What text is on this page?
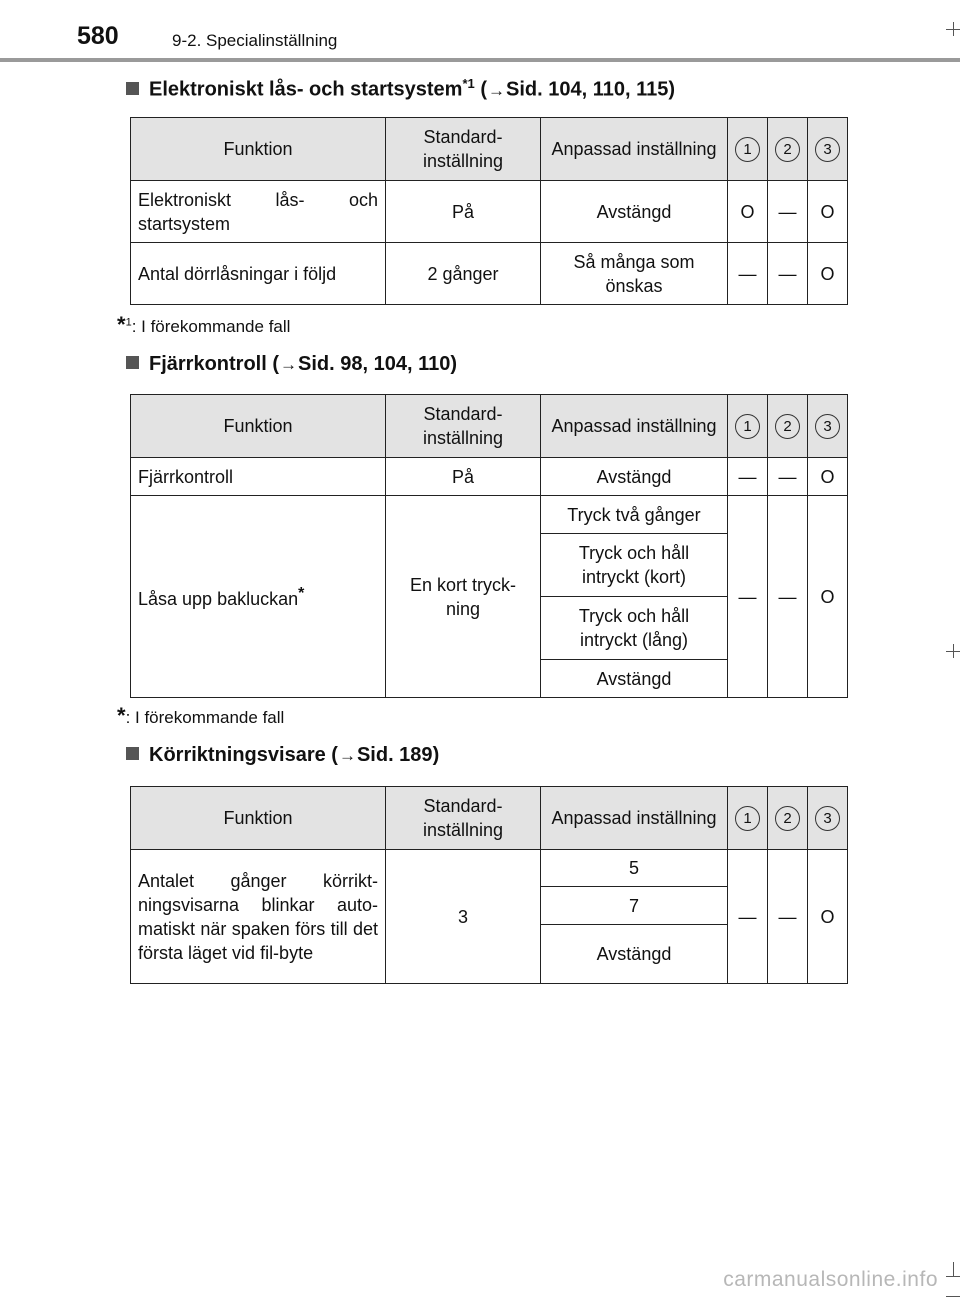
580	9-2. Specialinställning
Elektroniskt lås- och startsystem$^{*1}$ (→Sid. 104, 110, 115)
Funktion	Standard-inställning	Anpassad inställning	1	2	3
Elektroniskt lås- och startsystem	På	Avstängd	O	—	O
Antal dörrlåsningar i följd	2 gånger	Så många som önskas	—	—	O
*$^1$: I förekommande fall
Fjärrkontroll (→Sid. 98, 104, 110)
Funktion	Standard-inställning	Anpassad inställning	1	2	3
Fjärrkontroll	På	Avstängd	—	—	O
Låsa upp bakluckan*	En kort tryck-ning	Tryck två gånger	—	—	O
		Tryck och håll intryckt (kort)			
		Tryck och håll intryckt (lång)			
		Avstängd			
*: I förekommande fall
Körriktningsvisare (→Sid. 189)
Funktion	Standard-inställning	Anpassad inställning	1	2	3
Antalet gånger körrikt-ningsvisarna blinkar auto-matiskt när spaken förs till det första läget vid fil-byte	3	5	—	—	O
		7			
		Avstängd			
carmanualsonline.info
